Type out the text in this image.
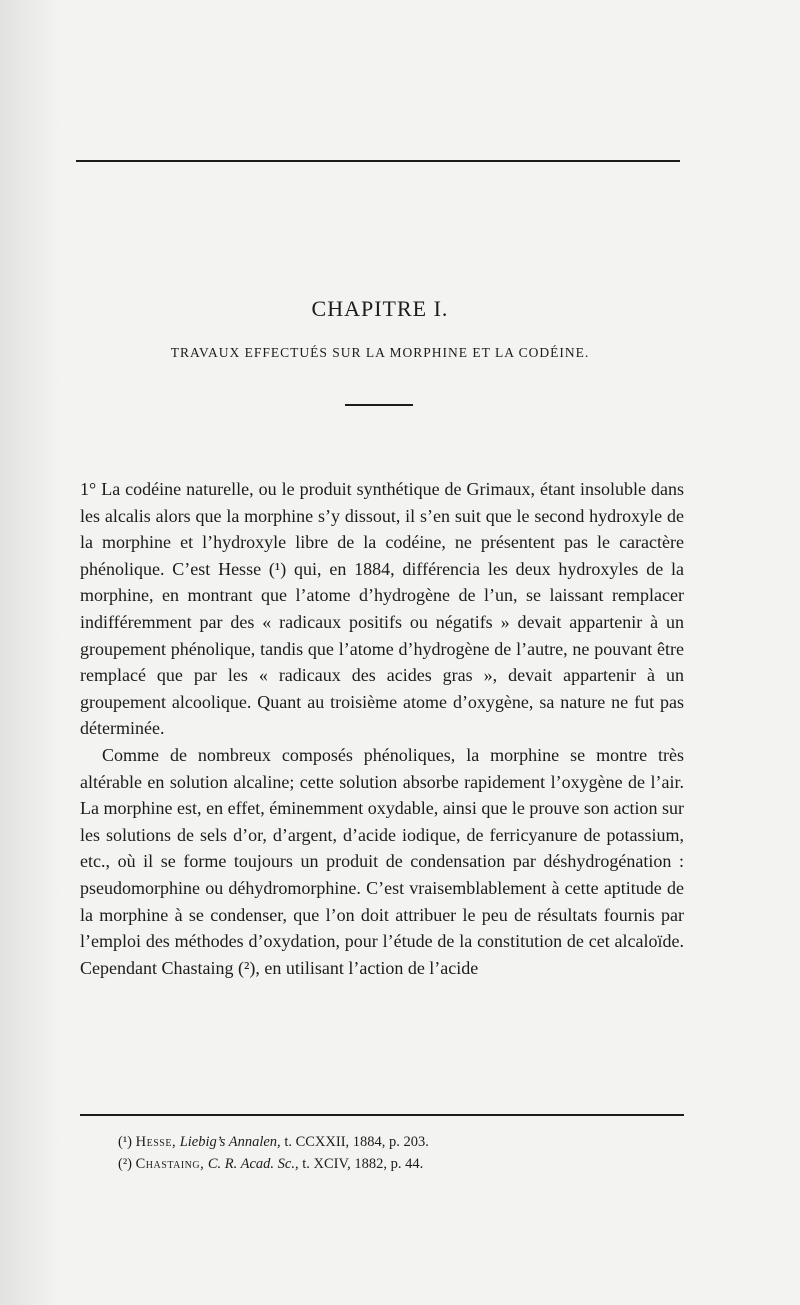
CHAPITRE I.
TRAVAUX EFFECTUÉS SUR LA MORPHINE ET LA CODÉINE.

1° La codéine naturelle, ou le produit synthétique de Grimaux, étant insoluble dans les alcalis alors que la morphine s’y dissout, il s’en suit que le second hydroxyle de la morphine et l’hydroxyle libre de la codéine, ne présentent pas le caractère phénolique. C’est Hesse (¹) qui, en 1884, différencia les deux hydroxyles de la morphine, en montrant que l’atome d’hydrogène de l’un, se laissant remplacer indifféremment par des « radicaux positifs ou négatifs » devait appartenir à un groupement phénolique, tandis que l’atome d’hydrogène de l’autre, ne pouvant être remplacé que par les « radicaux des acides gras », devait appartenir à un groupement alcoolique. Quant au troisième atome d’oxygène, sa nature ne fut pas déterminée.

Comme de nombreux composés phénoliques, la morphine se montre très altérable en solution alcaline; cette solution absorbe rapidement l’oxygène de l’air. La morphine est, en effet, éminemment oxydable, ainsi que le prouve son action sur les solutions de sels d’or, d’argent, d’acide iodique, de ferricyanure de potassium, etc., où il se forme toujours un produit de condensation par déshydrogénation : pseudomorphine ou déhydromorphine. C’est vraisemblablement à cette aptitude de la morphine à se condenser, que l’on doit attribuer le peu de résultats fournis par l’emploi des méthodes d’oxydation, pour l’étude de la constitution de cet alcaloïde. Cependant Chastaing (²), en utilisant l’action de l’acide

(¹) Hesse, Liebig’s Annalen, t. CCXXII, 1884, p. 203.
(²) Chastaing, C. R. Acad. Sc., t. XCIV, 1882, p. 44.
